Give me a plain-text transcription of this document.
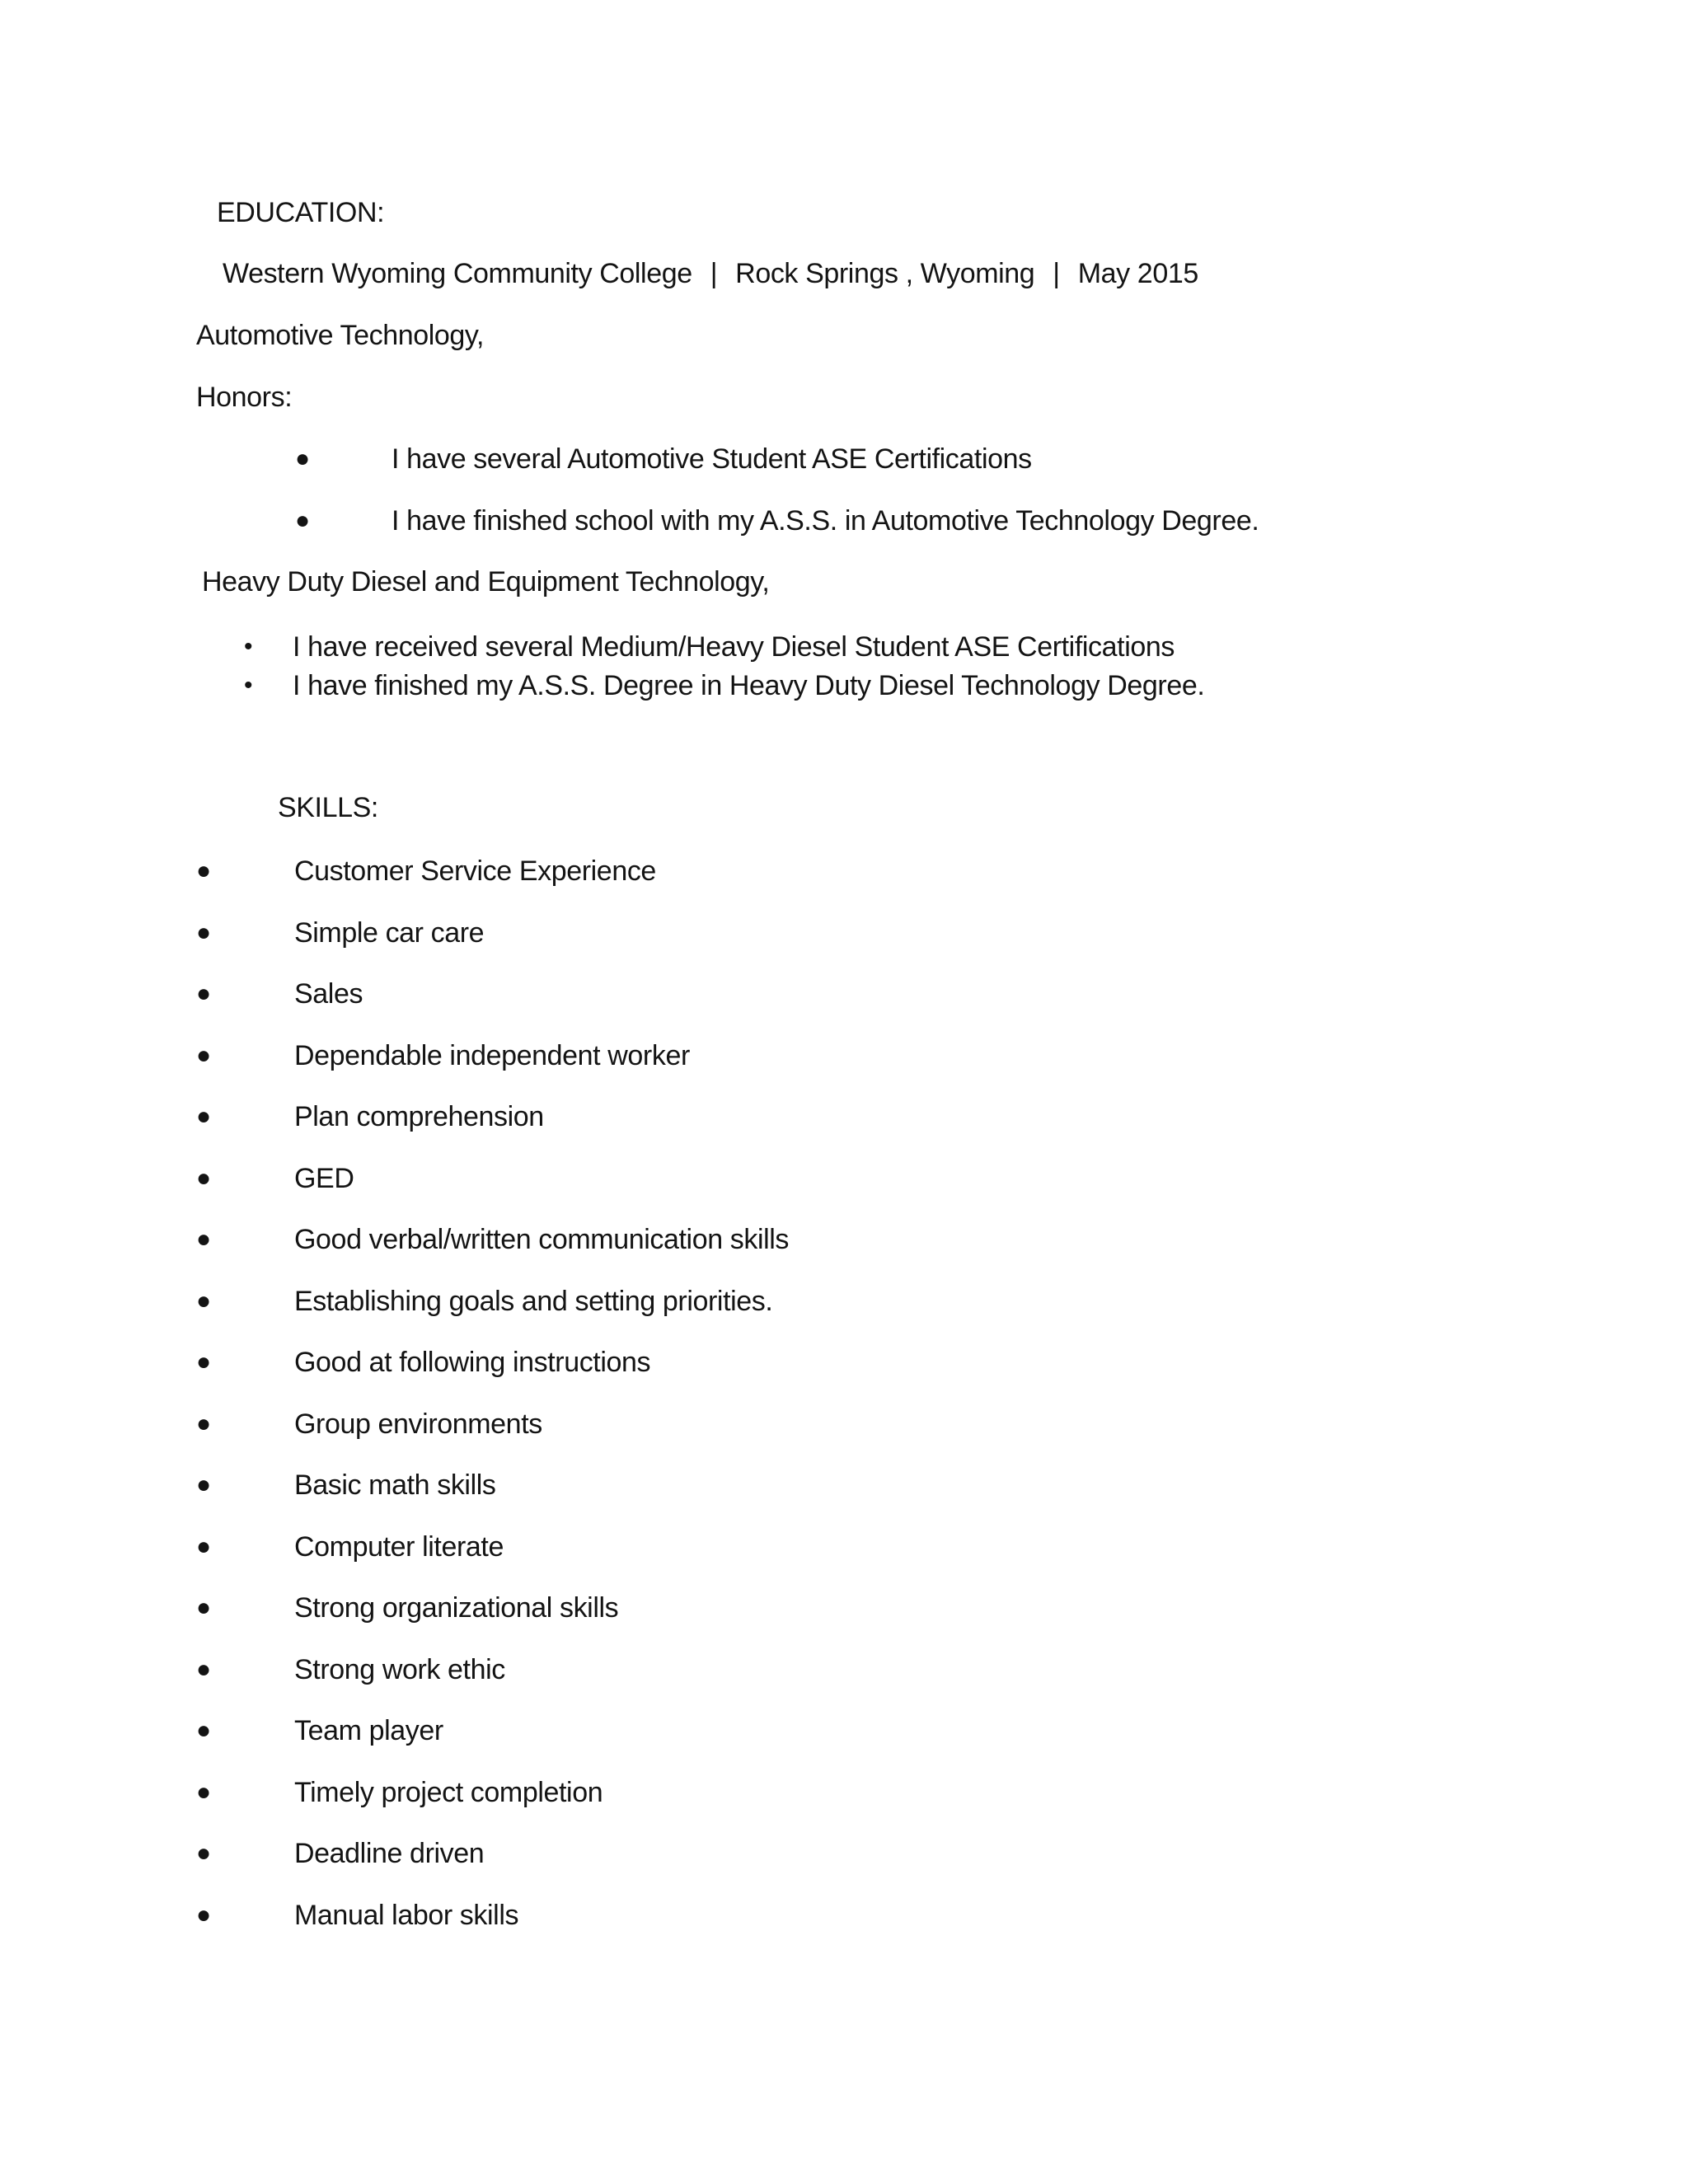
EDUCATION:
Western Wyoming Community College | Rock Springs , Wyoming | May 2015
Automotive Technology,
Honors:
●	I have several Automotive Student ASE Certifications
●	I have finished school with my A.S.S. in Automotive Technology Degree.
Heavy Duty Diesel and Equipment Technology,
• I have received several Medium/Heavy Diesel Student ASE Certifications
• I have finished my A.S.S. Degree in Heavy Duty Diesel Technology Degree.
SKILLS:
●	Customer Service Experience
●	Simple car care
●	Sales
●	Dependable independent worker
●	Plan comprehension
●	GED
●	Good verbal/written communication skills
●	Establishing goals and setting priorities.
●	Good at following instructions
●	Group environments
●	Basic math skills
●	Computer literate
●	Strong organizational skills
●	Strong work ethic
●	Team player
●	Timely project completion
●	Deadline driven
●	Manual labor skills
